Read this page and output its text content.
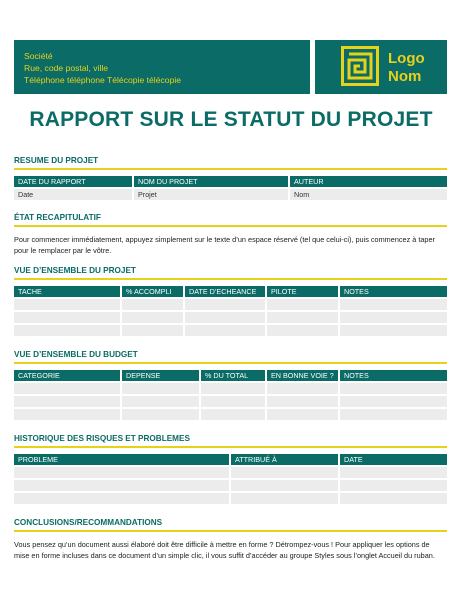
Société
Rue, code postal, ville
Téléphone téléphone Télécopie télécopie
Logo
Nom
RAPPORT SUR LE STATUT DU PROJET
RESUME DU PROJET
DATE DU RAPPORT	NOM DU PROJET	AUTEUR
Date	Projet	Nom
ÉTAT RECAPITULATIF
Pour commencer immédiatement, appuyez simplement sur le texte d’un espace réservé (tel que celui-ci), puis commencez à taper pour le remplacer par le vôtre.
VUE D’ENSEMBLE DU PROJET
TACHE	% ACCOMPLI	DATE D’ECHEANCE	PILOTE	NOTES

VUE D’ENSEMBLE DU BUDGET
CATEGORIE	DEPENSE	% DU TOTAL	EN BONNE VOIE ?	NOTES

HISTORIQUE DES RISQUES ET PROBLEMES
PROBLEME	ATTRIBUÉ À	DATE

CONCLUSIONS/RECOMMANDATIONS
Vous pensez qu’un document aussi élaboré doit être difficile à mettre en forme ? Détrompez-vous ! Pour appliquer les options de mise en forme incluses dans ce document d’un simple clic, il vous suffit d’accéder au groupe Styles sous l’onglet Accueil du ruban.
